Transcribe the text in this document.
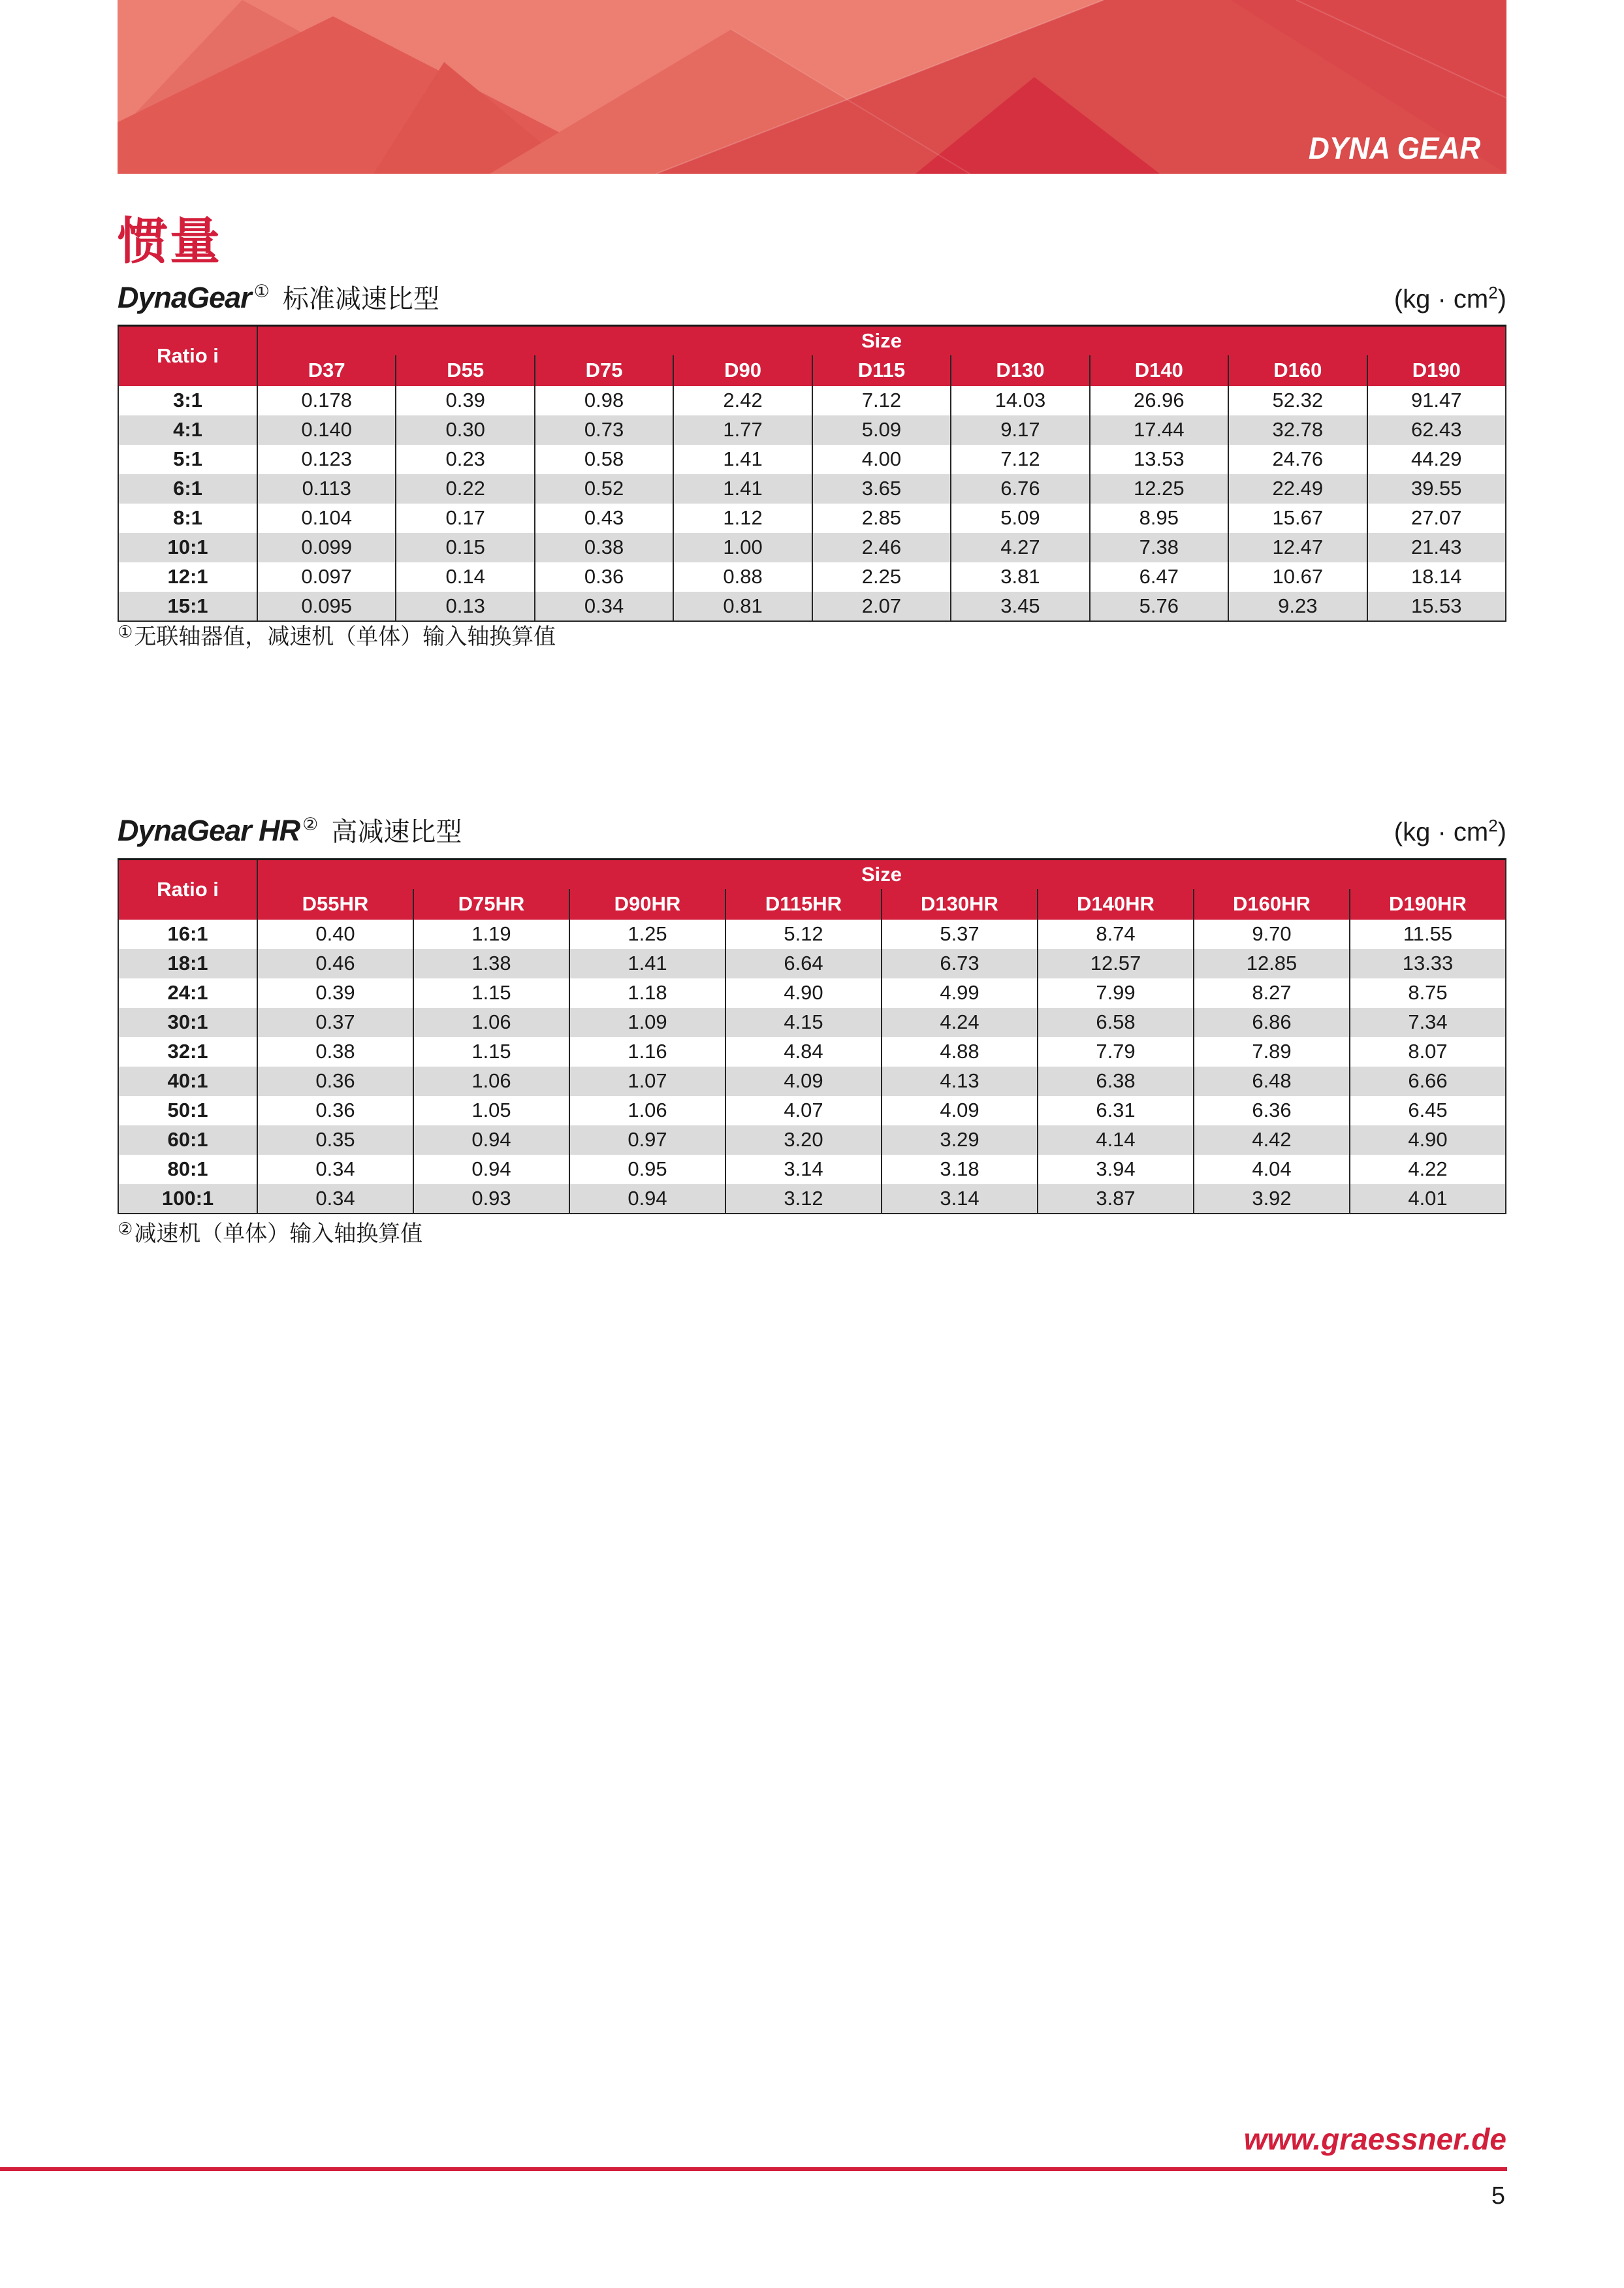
DYNA GEAR
惯量
DynaGear ① 标准减速比型	$(kg \cdot cm^2)$
Ratio i	Size								
	D37	D55	D75	D90	D115	D130	D140	D160	D190
3:1	0.178	0.39	0.98	2.42	7.12	14.03	26.96	52.32	91.47
4:1	0.140	0.30	0.73	1.77	5.09	9.17	17.44	32.78	62.43
5:1	0.123	0.23	0.58	1.41	4.00	7.12	13.53	24.76	44.29
6:1	0.113	0.22	0.52	1.41	3.65	6.76	12.25	22.49	39.55
8:1	0.104	0.17	0.43	1.12	2.85	5.09	8.95	15.67	27.07
10:1	0.099	0.15	0.38	1.00	2.46	4.27	7.38	12.47	21.43
12:1	0.097	0.14	0.36	0.88	2.25	3.81	6.47	10.67	18.14
15:1	0.095	0.13	0.34	0.81	2.07	3.45	5.76	9.23	15.53
①无联轴器值，减速机（单体）输入轴换算值
DynaGear HR ② 高减速比型	$(kg \cdot cm^2)$
Ratio i	Size							
	D55HR	D75HR	D90HR	D115HR	D130HR	D140HR	D160HR	D190HR
16:1	0.40	1.19	1.25	5.12	5.37	8.74	9.70	11.55
18:1	0.46	1.38	1.41	6.64	6.73	12.57	12.85	13.33
24:1	0.39	1.15	1.18	4.90	4.99	7.99	8.27	8.75
30:1	0.37	1.06	1.09	4.15	4.24	6.58	6.86	7.34
32:1	0.38	1.15	1.16	4.84	4.88	7.79	7.89	8.07
40:1	0.36	1.06	1.07	4.09	4.13	6.38	6.48	6.66
50:1	0.36	1.05	1.06	4.07	4.09	6.31	6.36	6.45
60:1	0.35	0.94	0.97	3.20	3.29	4.14	4.42	4.90
80:1	0.34	0.94	0.95	3.14	3.18	3.94	4.04	4.22
100:1	0.34	0.93	0.94	3.12	3.14	3.87	3.92	4.01
②减速机（单体）输入轴换算值
www.graessner.de
5
